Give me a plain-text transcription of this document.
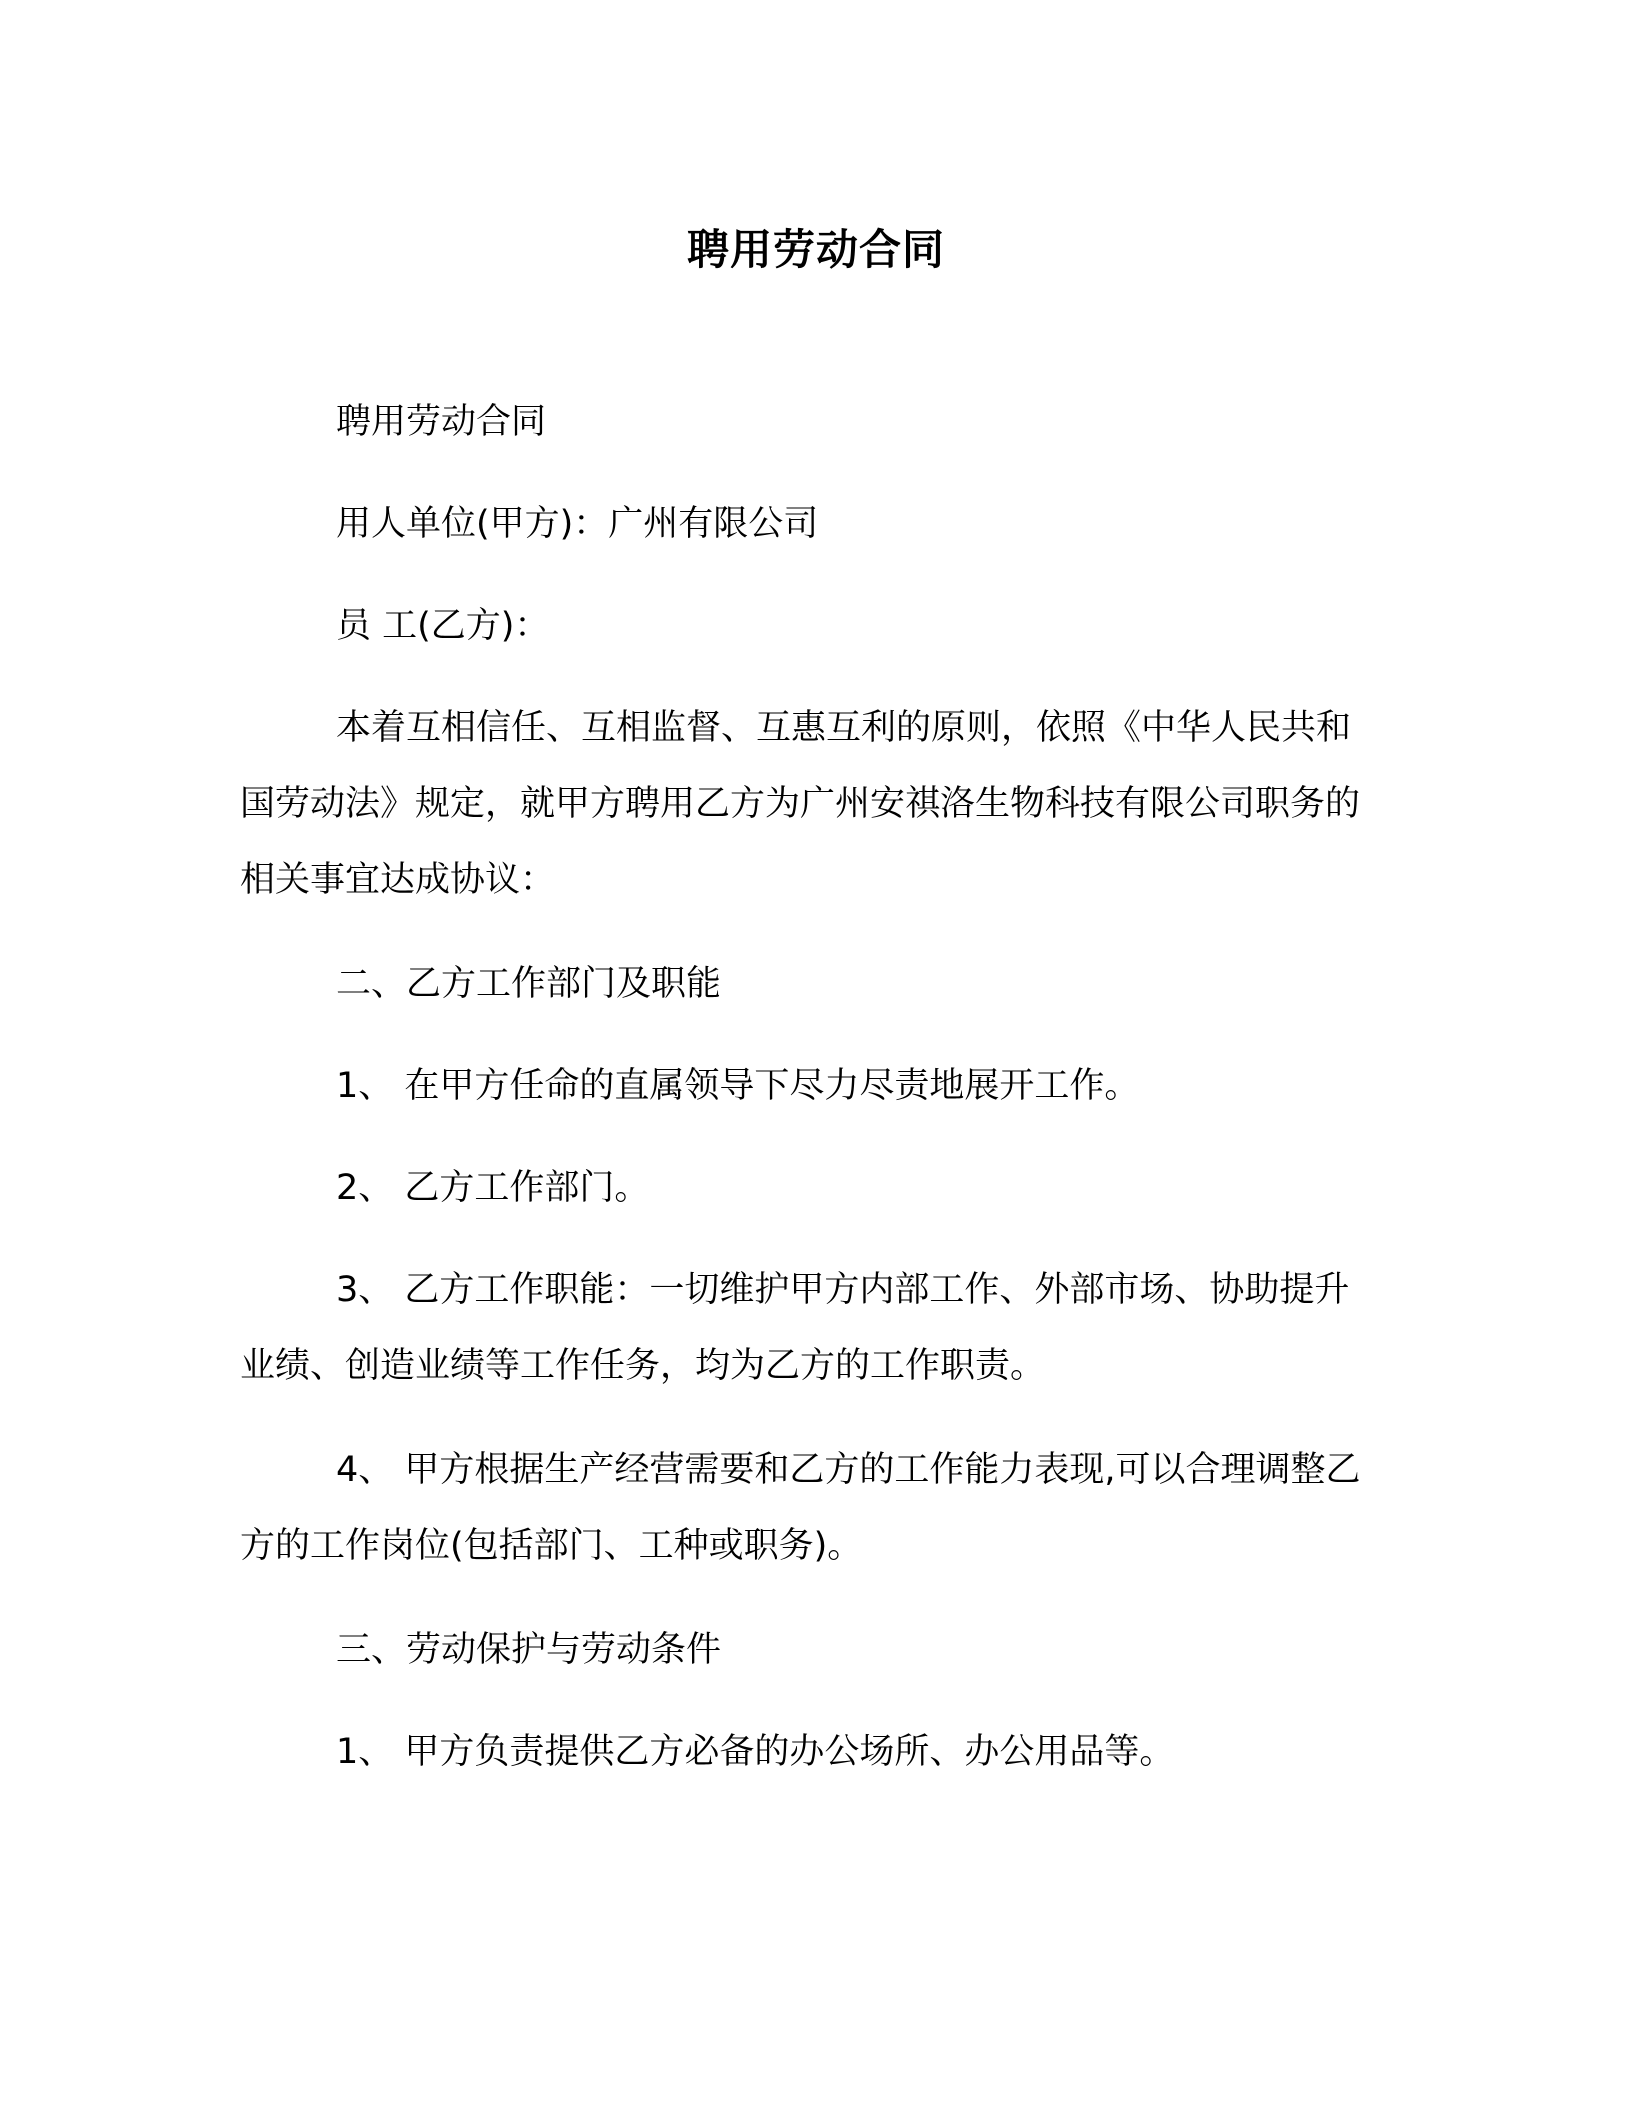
聘用劳动合同

聘用劳动合同

用人单位(甲方)：广州有限公司

员 工(乙方)：

本着互相信任、互相监督、互惠互利的原则，依照《中华人民共和国劳动法》规定，就甲方聘用乙方为广州安祺洛生物科技有限公司职务的相关事宜达成协议：

二、乙方工作部门及职能

1、 在甲方任命的直属领导下尽力尽责地展开工作。

2、 乙方工作部门。

3、 乙方工作职能：一切维护甲方内部工作、外部市场、协助提升业绩、创造业绩等工作任务，均为乙方的工作职责。

4、 甲方根据生产经营需要和乙方的工作能力表现,可以合理调整乙方的工作岗位(包括部门、工种或职务)。

三、劳动保护与劳动条件

1、 甲方负责提供乙方必备的办公场所、办公用品等。
